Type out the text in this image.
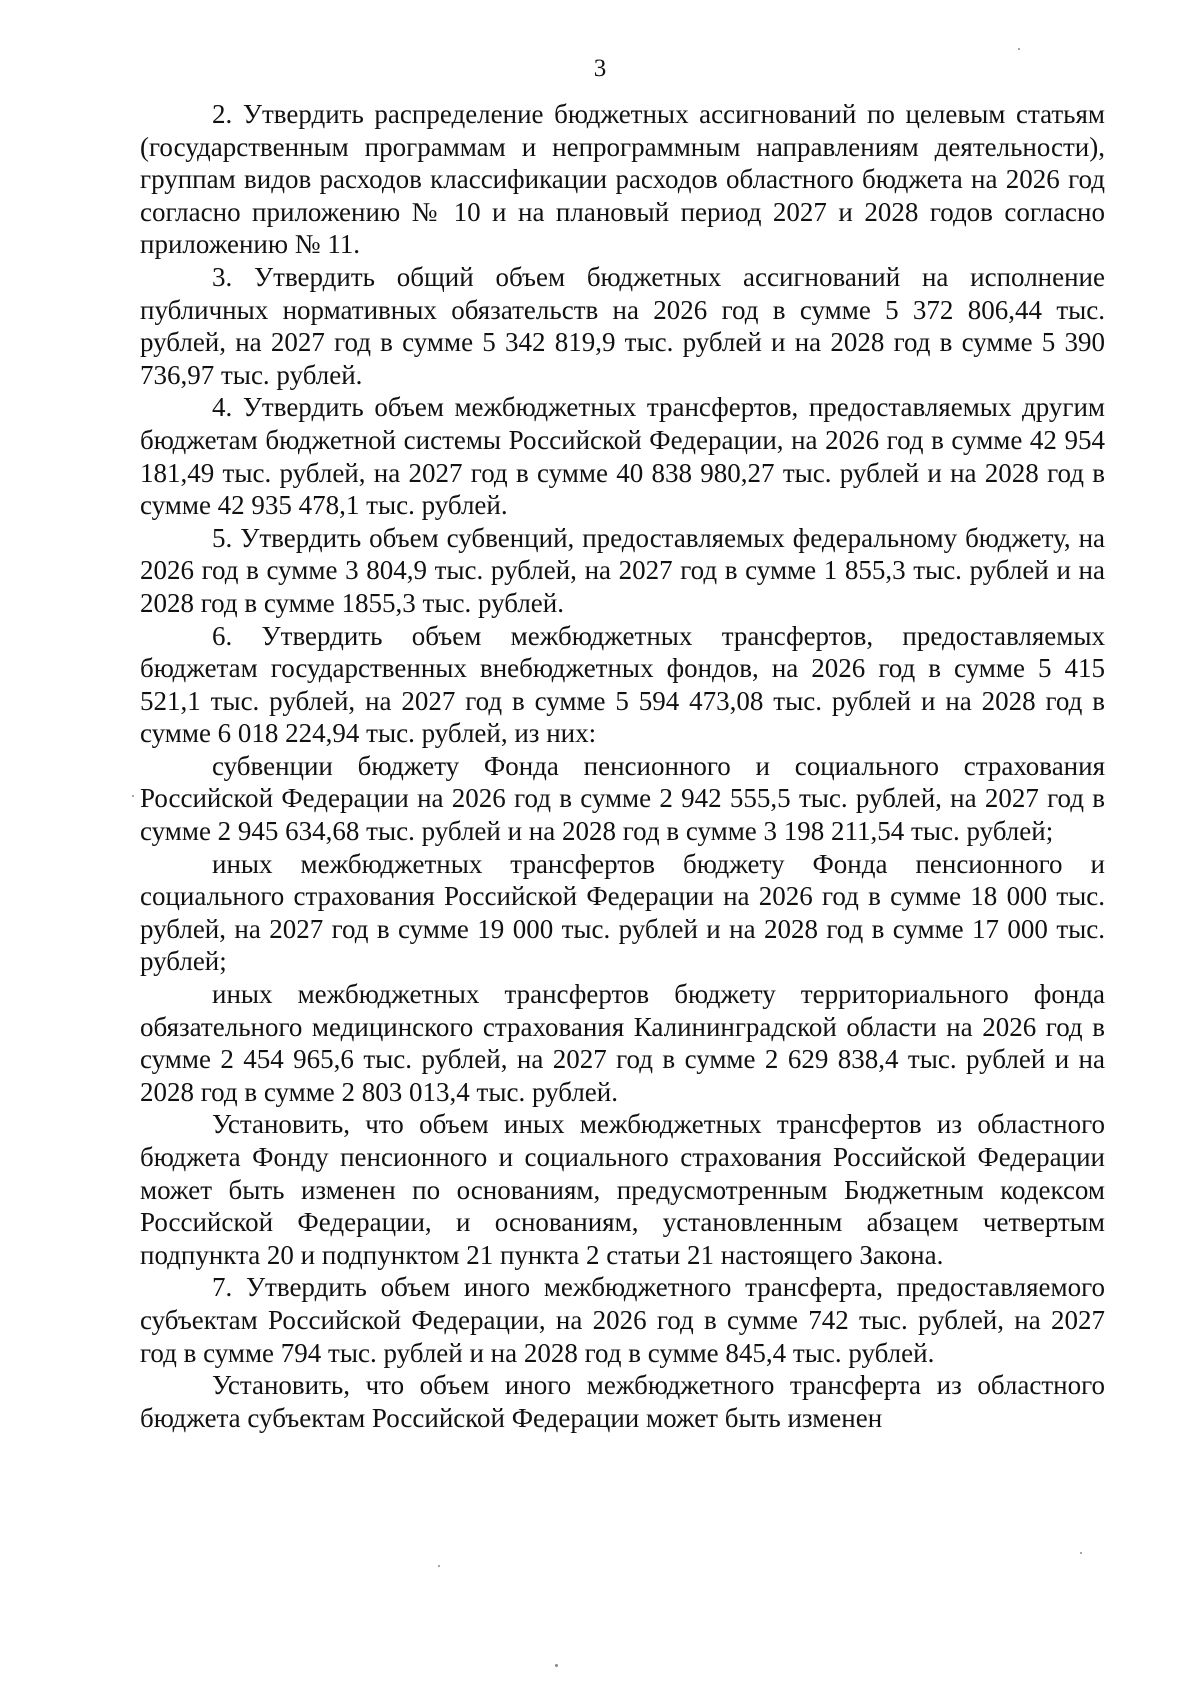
3

2. Утвердить распределение бюджетных ассигнований по целевым статьям (государственным программам и непрограммным направлениям деятельности), группам видов расходов классификации расходов областного бюджета на 2026 год согласно приложению № 10 и на плановый период 2027 и 2028 годов согласно приложению № 11.

3. Утвердить общий объем бюджетных ассигнований на исполнение публичных нормативных обязательств на 2026 год в сумме 5 372 806,44 тыс. рублей, на 2027 год в сумме 5 342 819,9 тыс. рублей и на 2028 год в сумме 5 390 736,97 тыс. рублей.

4. Утвердить объем межбюджетных трансфертов, предоставляемых другим бюджетам бюджетной системы Российской Федерации, на 2026 год в сумме 42 954 181,49 тыс. рублей, на 2027 год в сумме 40 838 980,27 тыс. рублей и на 2028 год в сумме 42 935 478,1 тыс. рублей.

5. Утвердить объем субвенций, предоставляемых федеральному бюджету, на 2026 год в сумме 3 804,9 тыс. рублей, на 2027 год в сумме 1 855,3 тыс. рублей и на 2028 год в сумме 1855,3 тыс. рублей.

6. Утвердить объем межбюджетных трансфертов, предоставляемых бюджетам государственных внебюджетных фондов, на 2026 год в сумме 5 415 521,1 тыс. рублей, на 2027 год в сумме 5 594 473,08 тыс. рублей и на 2028 год в сумме 6 018 224,94 тыс. рублей, из них:

субвенции бюджету Фонда пенсионного и социального страхования Российской Федерации на 2026 год в сумме 2 942 555,5 тыс. рублей, на 2027 год в сумме 2 945 634,68 тыс. рублей и на 2028 год в сумме 3 198 211,54 тыс. рублей;

иных межбюджетных трансфертов бюджету Фонда пенсионного и социального страхования Российской Федерации на 2026 год в сумме 18 000 тыс. рублей, на 2027 год в сумме 19 000 тыс. рублей и на 2028 год в сумме 17 000 тыс. рублей;

иных межбюджетных трансфертов бюджету территориального фонда обязательного медицинского страхования Калининградской области на 2026 год в сумме 2 454 965,6 тыс. рублей, на 2027 год в сумме 2 629 838,4 тыс. рублей и на 2028 год в сумме 2 803 013,4 тыс. рублей.

Установить, что объем иных межбюджетных трансфертов из областного бюджета Фонду пенсионного и социального страхования Российской Федерации может быть изменен по основаниям, предусмотренным Бюджетным кодексом Российской Федерации, и основаниям, установленным абзацем четвертым подпункта 20 и подпунктом 21 пункта 2 статьи 21 настоящего Закона.

7. Утвердить объем иного межбюджетного трансферта, предоставляемого субъектам Российской Федерации, на 2026 год в сумме 742 тыс. рублей, на 2027 год в сумме 794 тыс. рублей и на 2028 год в сумме 845,4 тыс. рублей.

Установить, что объем иного межбюджетного трансферта из областного бюджета субъектам Российской Федерации может быть изменен
